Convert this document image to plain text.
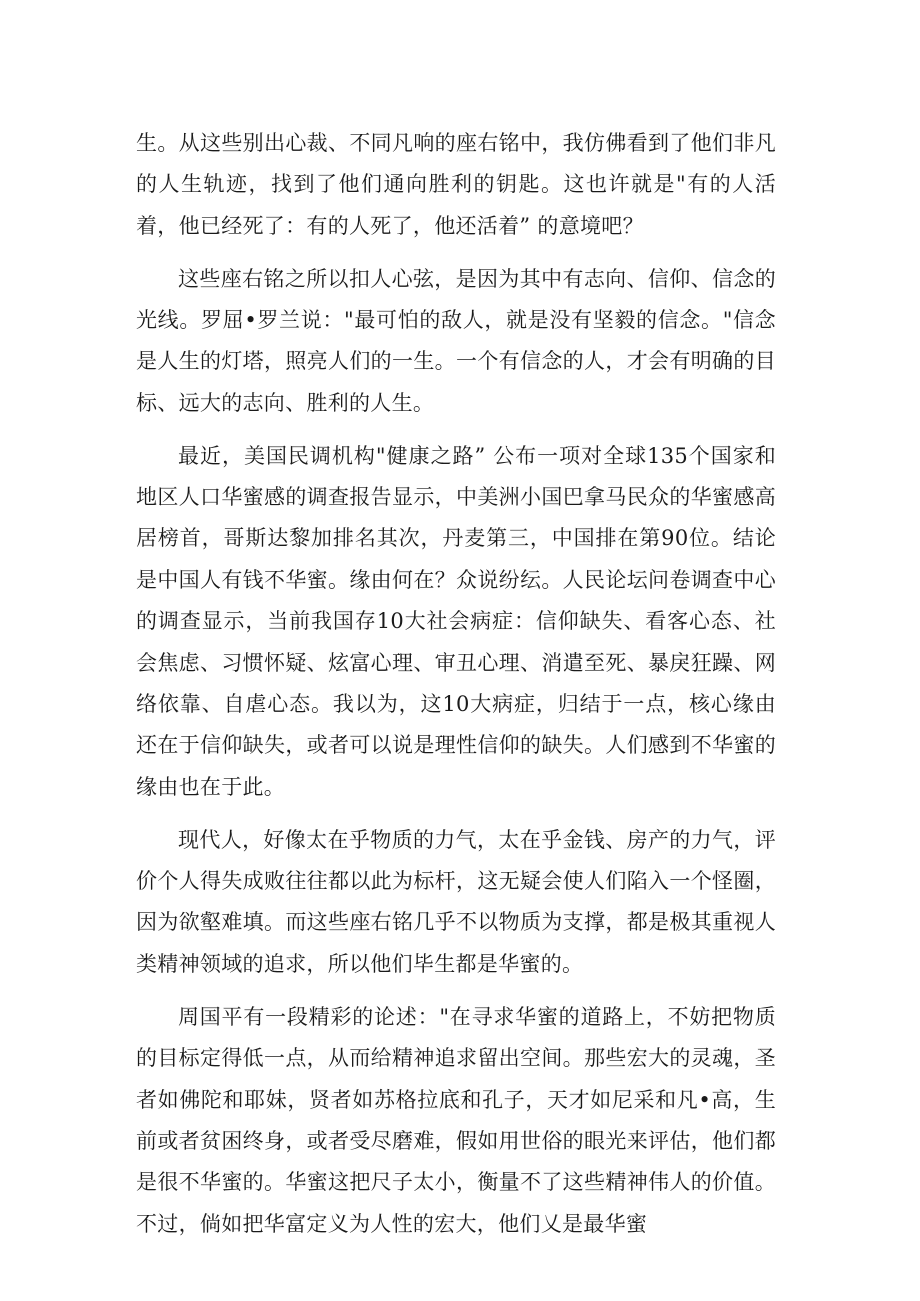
生。从这些别出心裁、不同凡响的座右铭中，我仿佛看到了他们非凡的人生轨迹，找到了他们通向胜利的钥匙。这也许就是"有的人活着，他已经死了：有的人死了，他还活着” 的意境吧？

这些座右铭之所以扣人心弦，是因为其中有志向、信仰、信念的光线。罗屈•罗兰说："最可怕的敌人，就是没有坚毅的信念。"信念是人生的灯塔，照亮人们的一生。一个有信念的人，才会有明确的目标、远大的志向、胜利的人生。

最近，美国民调机构"健康之路” 公布一项对全球135个国家和地区人口华蜜感的调查报告显示，中美洲小国巴拿马民众的华蜜感高居榜首，哥斯达黎加排名其次，丹麦第三，中国排在第90位。结论是中国人有钱不华蜜。缘由何在？众说纷纭。人民论坛问卷调查中心的调查显示，当前我国存10大社会病症：信仰缺失、看客心态、社会焦虑、习惯怀疑、炫富心理、审丑心理、消遣至死、暴戾狂躁、网络依靠、自虐心态。我以为，这10大病症，归结于一点，核心缘由还在于信仰缺失，或者可以说是理性信仰的缺失。人们感到不华蜜的缘由也在于此。

现代人，好像太在乎物质的力气，太在乎金钱、房产的力气，评价个人得失成败往往都以此为标杆，这无疑会使人们陷入一个怪圈，因为欲壑难填。而这些座右铭几乎不以物质为支撑，都是极其重视人类精神领域的追求，所以他们毕生都是华蜜的。

周国平有一段精彩的论述："在寻求华蜜的道路上，不妨把物质的目标定得低一点，从而给精神追求留出空间。那些宏大的灵魂，圣者如佛陀和耶妹，贤者如苏格拉底和孔子，天才如尼采和凡•高，生前或者贫困终身，或者受尽磨难，假如用世俗的眼光来评估，他们都是很不华蜜的。华蜜这把尺子太小，衡量不了这些精神伟人的价值。不过，倘如把华富定义为人性的宏大，他们乂是最华蜜
